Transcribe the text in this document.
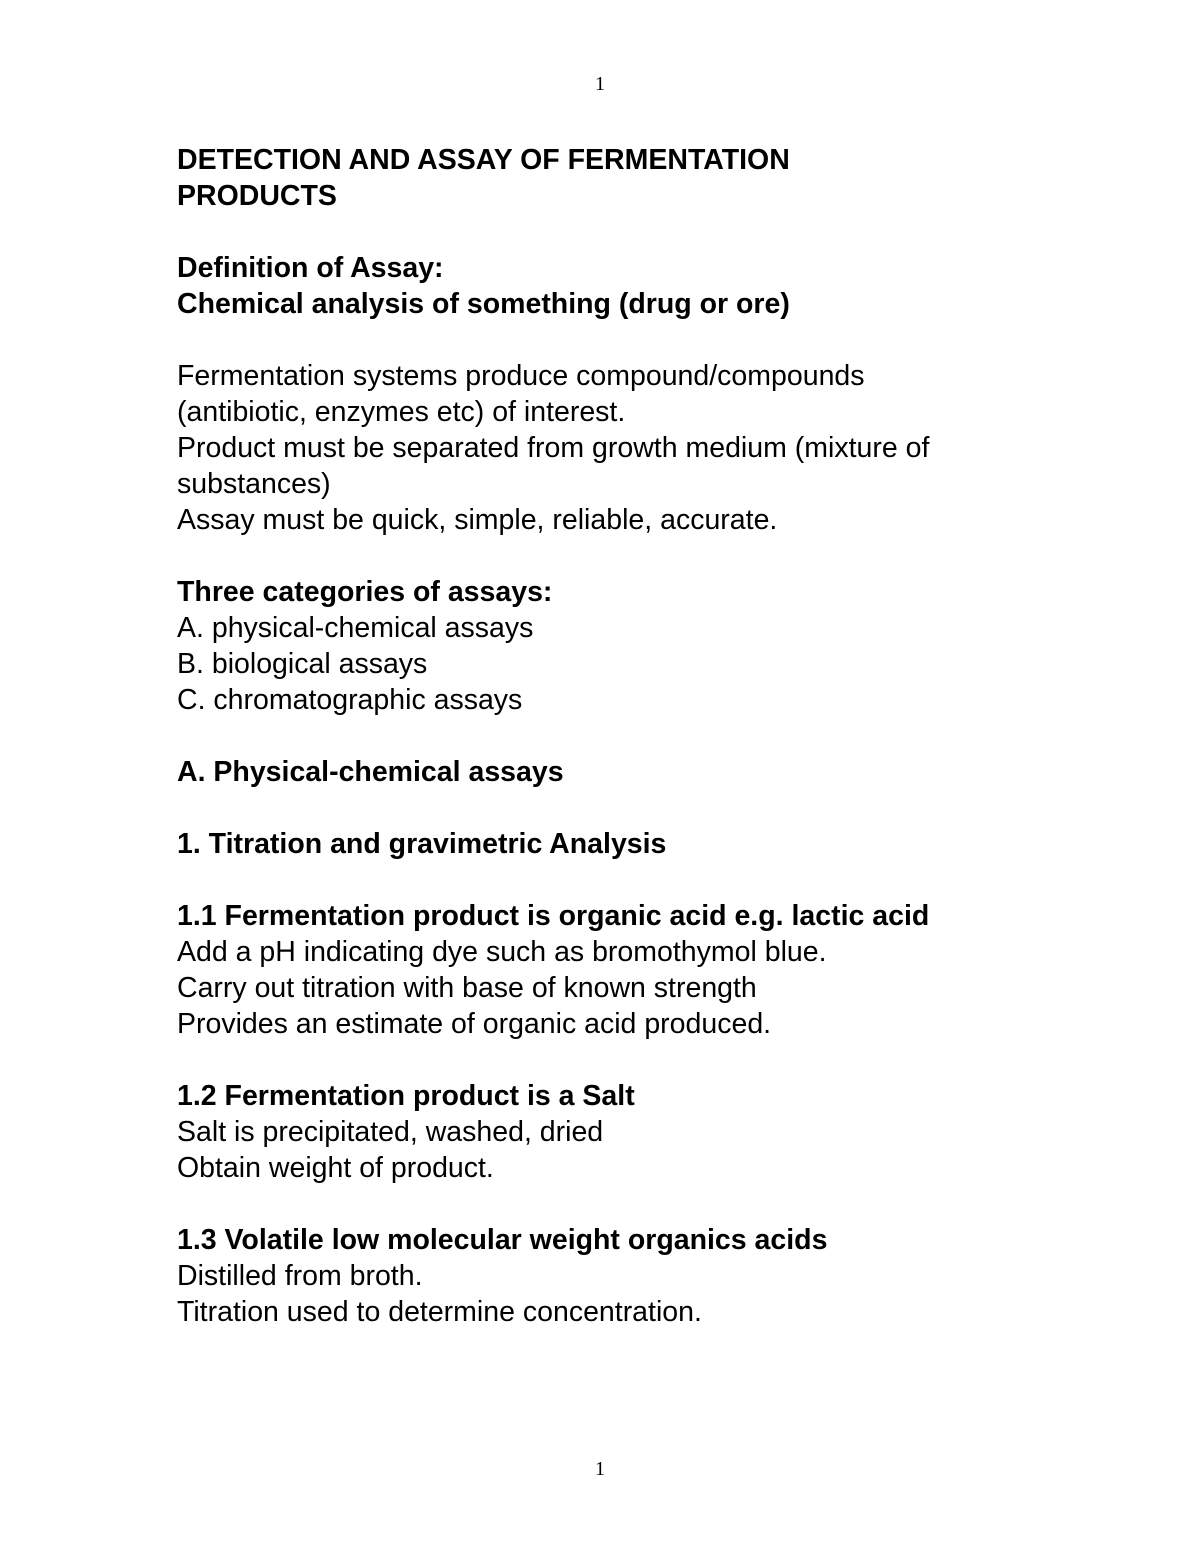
1
DETECTION AND ASSAY OF FERMENTATION
PRODUCTS
Definition of Assay:
Chemical analysis of something (drug or ore)
Fermentation systems produce compound/compounds
(antibiotic, enzymes etc) of interest.
Product must be separated from growth medium (mixture of
substances)
Assay must be quick, simple, reliable, accurate.
Three categories of assays:
A. physical-chemical assays
B. biological assays
C. chromatographic assays
A. Physical-chemical assays
1. Titration and gravimetric Analysis
1.1 Fermentation product is organic acid e.g. lactic acid
Add a pH indicating dye such as bromothymol blue.
Carry out titration with base of known strength
Provides an estimate of organic acid produced.
1.2 Fermentation product is a Salt
Salt is precipitated, washed, dried
Obtain weight of product.
1.3 Volatile low molecular weight organics acids
Distilled from broth.
Titration used to determine concentration.
1
